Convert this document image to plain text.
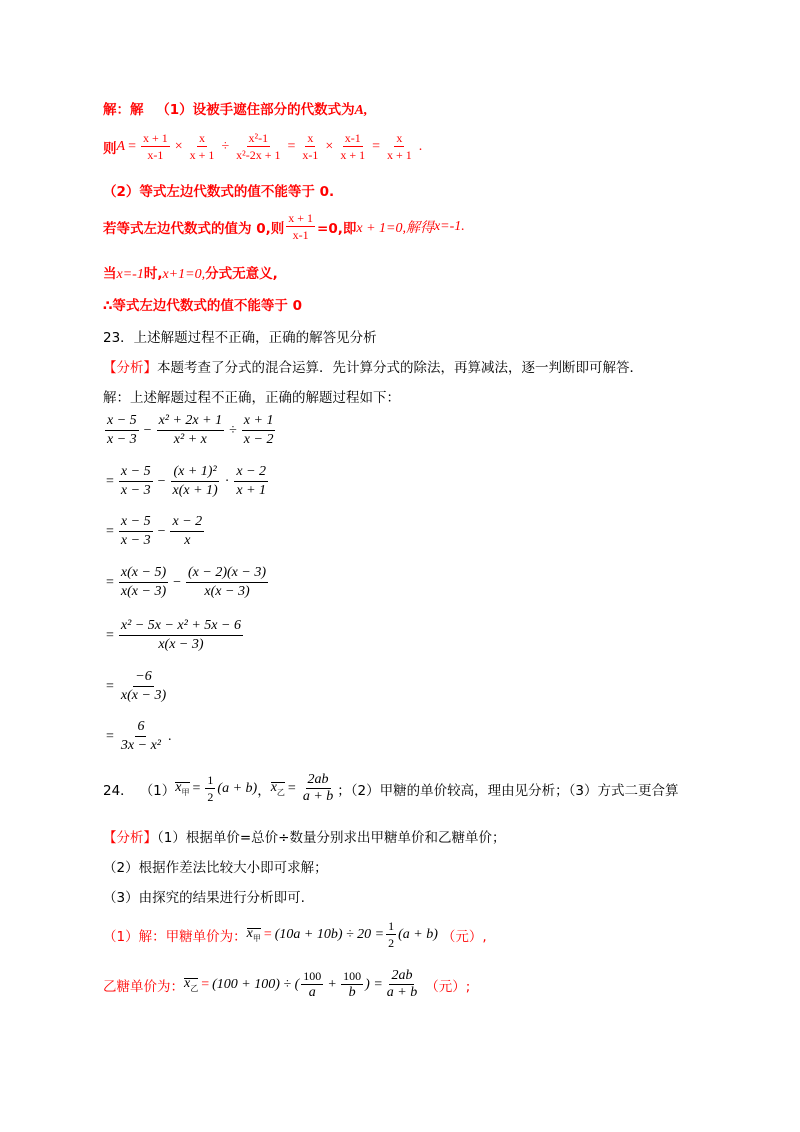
解：解 （1）设被手遮住部分的代数式为A,
则 $A = \frac{x + 1}{x-1} \times \frac{x}{x + 1} \div \frac{\text{x²-1}}{\text{x²-2x + 1}} = \frac{x}{x-1} \times \frac{x-1}{x + 1} = \frac{x}{x + 1}$ .
（2）等式左边代数式的值不能等于 0.
若等式左边代数式的值为 0,则 $\frac{x + 1}{x-1} =0$,即 x + 1=0,解得 x=-1.
当x=-1时,x+1=0,分式无意义,
∴等式左边代数式的值不能等于 0
23．上述解题过程不正确，正确的解答见分析
【分析】本题考查了分式的混合运算．先计算分式的除法，再算减法，逐一判断即可解答．
解：上述解题过程不正确，正确的解题过程如下：
$\frac{x - 5}{x - 3} - \frac{\text{x² + 2x + 1}}{\text{x² + x}} \div \frac{x + 1}{x - 2}$
= $\frac{x - 5}{x - 3} - \frac{\text{(x + 1)²}}{x(x + 1)} \cdot \frac{x - 2}{x + 1}$
= $\frac{x - 5}{x - 3} - \frac{x - 2}{x}$
= $\frac{x(x - 5)}{x(x - 3)} - \frac{(x - 2)(x - 3)}{x(x - 3)}$
= $\frac{\text{x² − 5x − x² + 5x − 6}}{x(x - 3)}$
= $\frac{-6}{x(x - 3)}$
= $\frac{6}{\text{3x − x²}}$ .
24． （1） $x_甲 = \frac{1}{2} (a + b)$ ， $x_乙 = \frac{2ab}{a + b}$ ；（2）甲糖的单价较高，理由见分析；（3）方式二更合算
【分析】（1）根据单价=总价÷数量分别求出甲糖单价和乙糖单价；
（2）根据作差法比较大小即可求解；
（3）由探究的结果进行分析即可.
（1）解：甲糖单价为： $x_甲 = (10a + 10b) \div 20 = \frac{1}{2} (a + b)$ （元）,
乙糖单价为： $x_乙 = (100 + 100)$ ÷ ( $\frac{100}{a} + \frac{100}{b}$ ) = $\frac{2ab}{a + b}$ （元）;
